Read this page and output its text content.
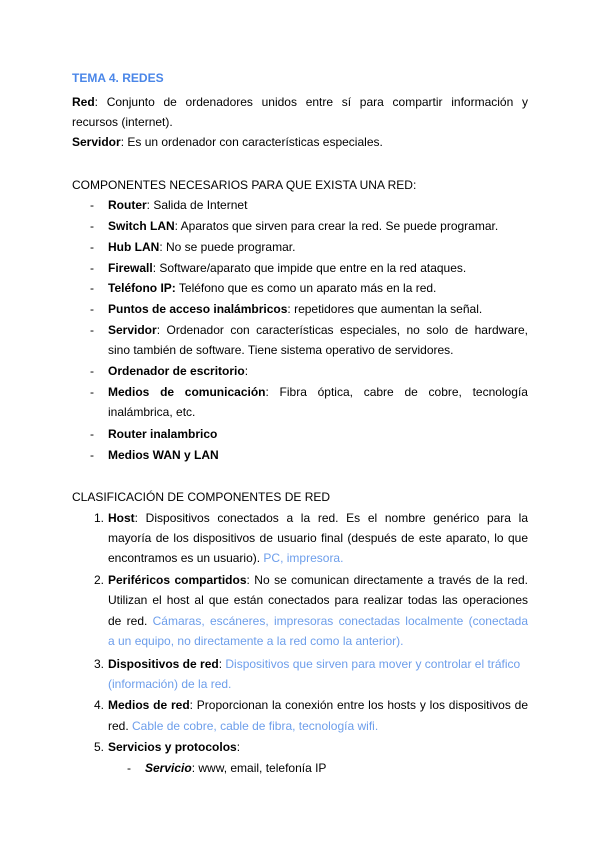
TEMA 4. REDES
Red: Conjunto de ordenadores unidos entre sí para compartir información y
recursos (internet).
Servidor: Es un ordenador con características especiales.
COMPONENTES NECESARIOS PARA QUE EXISTA UNA RED:
-	Router: Salida de Internet
-	Switch LAN: Aparatos que sirven para crear la red. Se puede programar.
-	Hub LAN: No se puede programar.
-	Firewall: Software/aparato que impide que entre en la red ataques.
-	Teléfono IP: Teléfono que es como un aparato más en la red.
-	Puntos de acceso inalámbricos: repetidores que aumentan la señal.
-	Servidor: Ordenador con características especiales, no solo de hardware,
sino también de software. Tiene sistema operativo de servidores.
-	Ordenador de escritorio:
-	Medios de comunicación: Fibra óptica, cabre de cobre, tecnología
inalámbrica, etc.
-	Router inalambrico
-	Medios WAN y LAN
CLASIFICACIÓN DE COMPONENTES DE RED
1. Host: Dispositivos conectados a la red. Es el nombre genérico para la
mayoría de los dispositivos de usuario final (después de este aparato, lo que
encontramos es un usuario). PC, impresora.
2. Periféricos compartidos: No se comunican directamente a través de la red.
Utilizan el host al que están conectados para realizar todas las operaciones
de red. Cámaras, escáneres, impresoras conectadas localmente (conectada
a un equipo, no directamente a la red como la anterior).
3. Dispositivos de red: Dispositivos que sirven para mover y controlar el tráfico
(información) de la red.
4. Medios de red: Proporcionan la conexión entre los hosts y los dispositivos de
red. Cable de cobre, cable de fibra, tecnología wifi.
5. Servicios y protocolos:
-	Servicio: www, email, telefonía IP
